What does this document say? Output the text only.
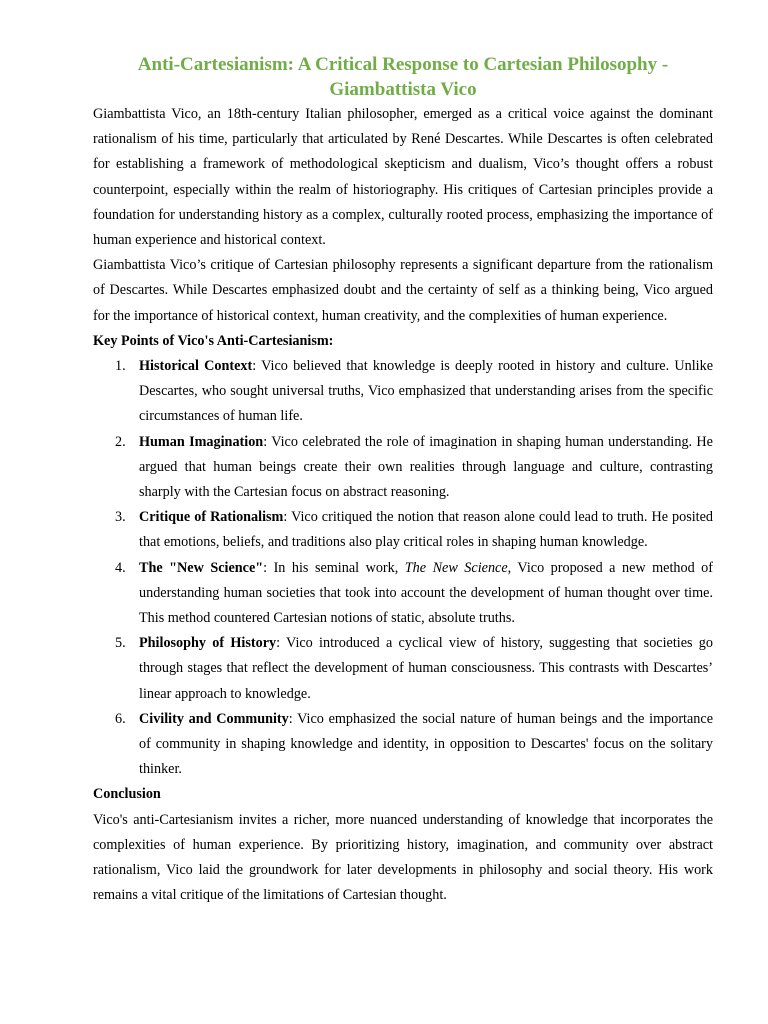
Anti-Cartesianism: A Critical Response to Cartesian Philosophy - Giambattista Vico

Giambattista Vico, an 18th-century Italian philosopher, emerged as a critical voice against the dominant rationalism of his time, particularly that articulated by René Descartes. While Descartes is often celebrated for establishing a framework of methodological skepticism and dualism, Vico’s thought offers a robust counterpoint, especially within the realm of historiography. His critiques of Cartesian principles provide a foundation for understanding history as a complex, culturally rooted process, emphasizing the importance of human experience and historical context.

Giambattista Vico’s critique of Cartesian philosophy represents a significant departure from the rationalism of Descartes. While Descartes emphasized doubt and the certainty of self as a thinking being, Vico argued for the importance of historical context, human creativity, and the complexities of human experience.

Key Points of Vico's Anti-Cartesianism:
1. Historical Context: Vico believed that knowledge is deeply rooted in history and culture. Unlike Descartes, who sought universal truths, Vico emphasized that understanding arises from the specific circumstances of human life.
2. Human Imagination: Vico celebrated the role of imagination in shaping human understanding. He argued that human beings create their own realities through language and culture, contrasting sharply with the Cartesian focus on abstract reasoning.
3. Critique of Rationalism: Vico critiqued the notion that reason alone could lead to truth. He posited that emotions, beliefs, and traditions also play critical roles in shaping human knowledge.
4. The "New Science": In his seminal work, The New Science, Vico proposed a new method of understanding human societies that took into account the development of human thought over time. This method countered Cartesian notions of static, absolute truths.
5. Philosophy of History: Vico introduced a cyclical view of history, suggesting that societies go through stages that reflect the development of human consciousness. This contrasts with Descartes’ linear approach to knowledge.
6. Civility and Community: Vico emphasized the social nature of human beings and the importance of community in shaping knowledge and identity, in opposition to Descartes' focus on the solitary thinker.
Conclusion

Vico's anti-Cartesianism invites a richer, more nuanced understanding of knowledge that incorporates the complexities of human experience. By prioritizing history, imagination, and community over abstract rationalism, Vico laid the groundwork for later developments in philosophy and social theory. His work remains a vital critique of the limitations of Cartesian thought.
